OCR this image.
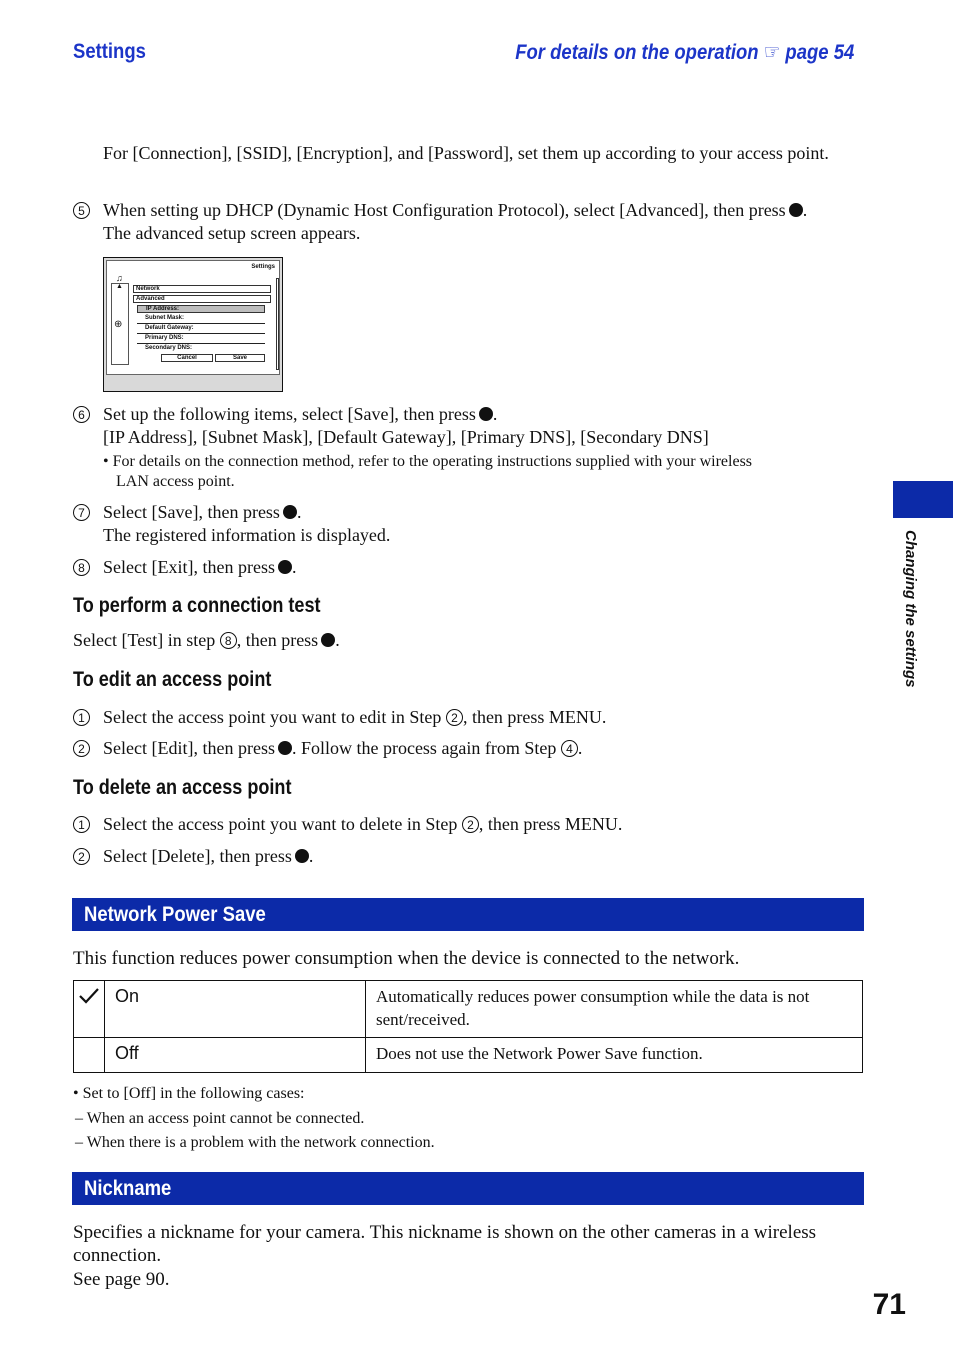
Settings	For details on the operation ☞ page 54
For [Connection], [SSID], [Encryption], and [Password], set them up according to your access point.
5 When setting up DHCP (Dynamic Host Configuration Protocol), select [Advanced], then press .
The advanced setup screen appears.
Settings
♫
▲
⊕
Network
Advanced
IP Address:
Subnet Mask:
Default Gateway:
Primary DNS:
Secondary DNS:
Cancel	Save
6 Set up the following items, select [Save], then press .
[IP Address], [Subnet Mask], [Default Gateway], [Primary DNS], [Secondary DNS]
• For details on the connection method, refer to the operating instructions supplied with your wireless
LAN access point.
7 Select [Save], then press .
The registered information is displayed.
8 Select [Exit], then press .
To perform a connection test
Select [Test] in step 8 , then press .
To edit an access point
1 Select the access point you want to edit in Step 2 , then press MENU.
2 Select [Edit], then press . Follow the process again from Step 4 .
To delete an access point
1 Select the access point you want to delete in Step 2 , then press MENU.
2 Select [Delete], then press .
Network Power Save
This function reduces power consumption when the device is connected to the network.
	On	Automatically reduces power consumption while the data is not sent/received.
	Off	Does not use the Network Power Save function.
• Set to [Off] in the following cases:
– When an access point cannot be connected.
– When there is a problem with the network connection.
Nickname
Specifies a nickname for your camera. This nickname is shown on the other cameras in a wireless connection.
See page 90.
Changing the settings
71
